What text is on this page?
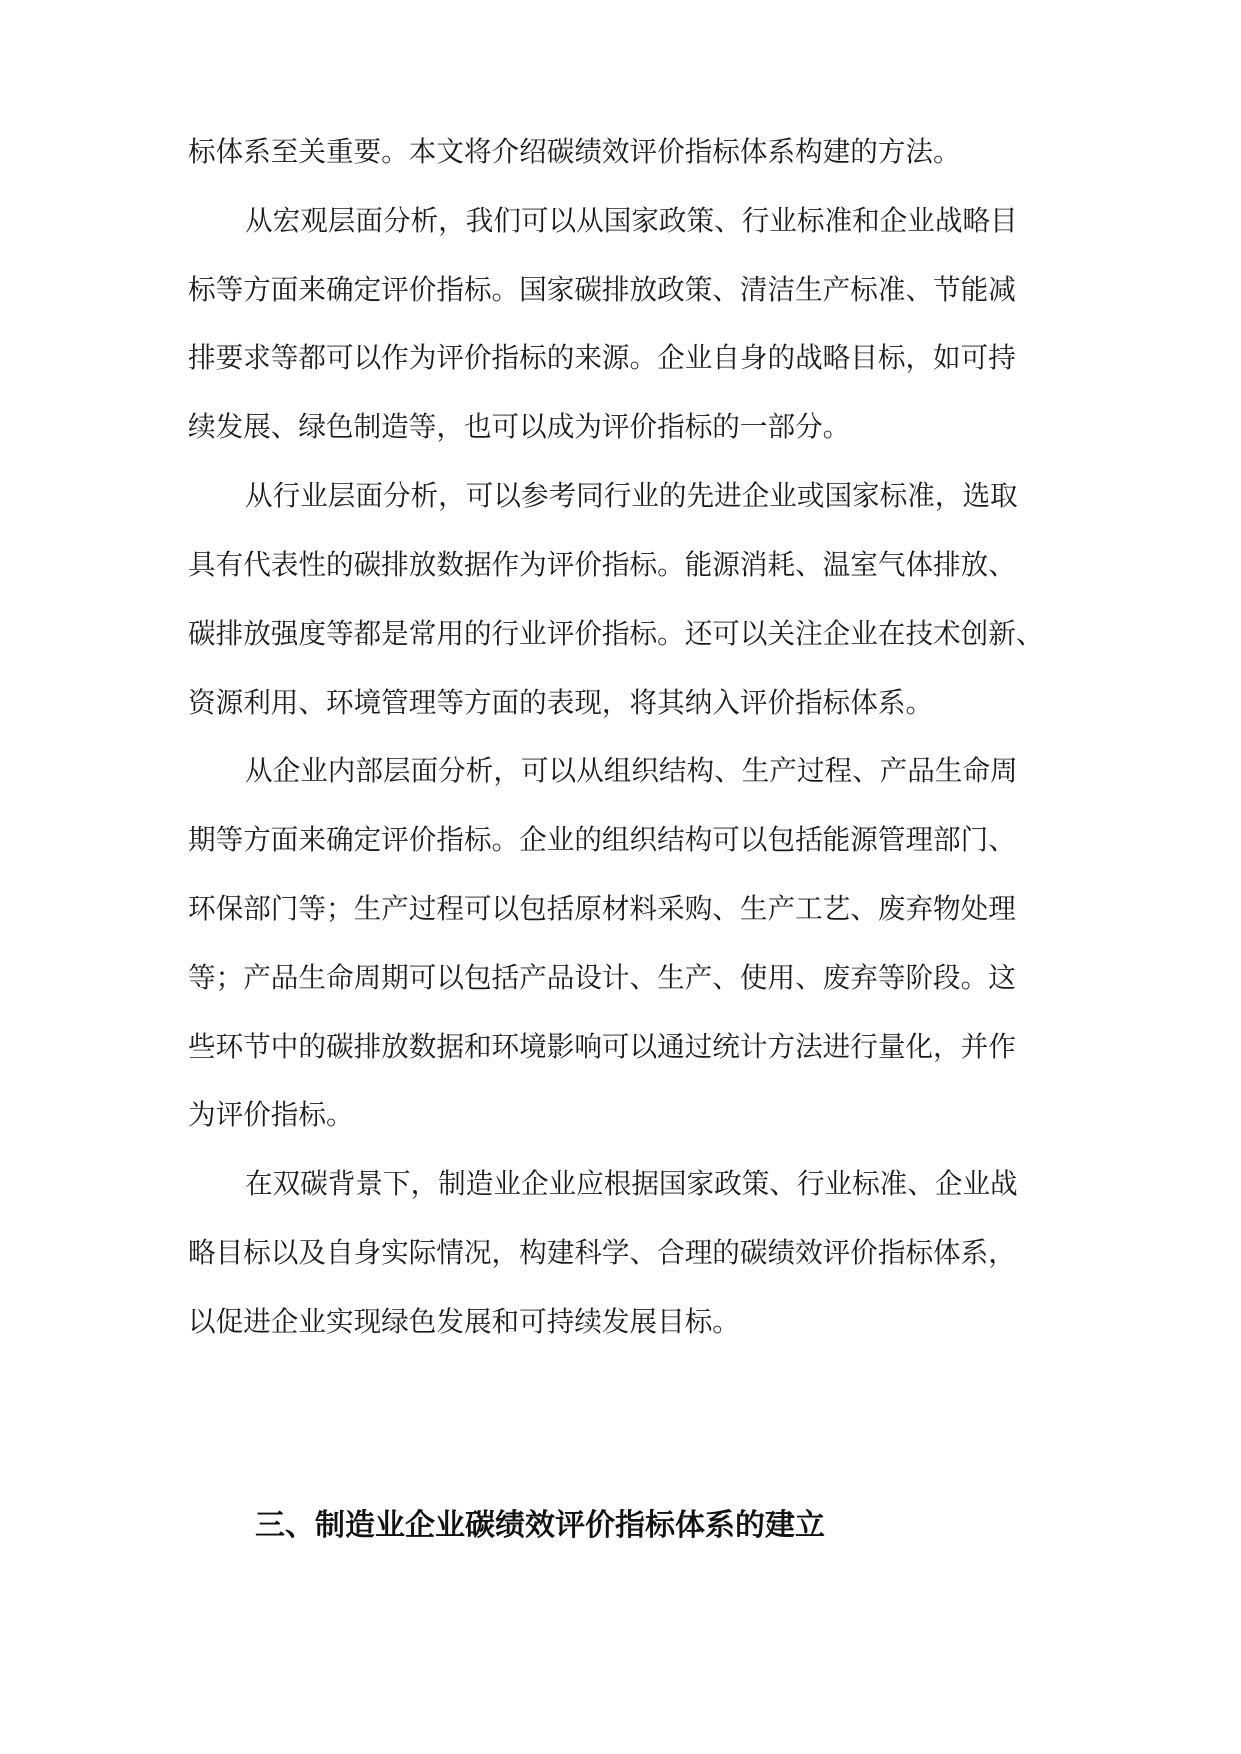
标体系至关重要。本文将介绍碳绩效评价指标体系构建的方法。
从宏观层面分析，我们可以从国家政策、行业标准和企业战略目
标等方面来确定评价指标。国家碳排放政策、清洁生产标准、节能减
排要求等都可以作为评价指标的来源。企业自身的战略目标，如可持
续发展、绿色制造等，也可以成为评价指标的一部分。
从行业层面分析，可以参考同行业的先进企业或国家标准，选取
具有代表性的碳排放数据作为评价指标。能源消耗、温室气体排放、
碳排放强度等都是常用的行业评价指标。还可以关注企业在技术创新、
资源利用、环境管理等方面的表现，将其纳入评价指标体系。
从企业内部层面分析，可以从组织结构、生产过程、产品生命周
期等方面来确定评价指标。企业的组织结构可以包括能源管理部门、
环保部门等；生产过程可以包括原材料采购、生产工艺、废弃物处理
等；产品生命周期可以包括产品设计、生产、使用、废弃等阶段。这
些环节中的碳排放数据和环境影响可以通过统计方法进行量化，并作
为评价指标。
在双碳背景下，制造业企业应根据国家政策、行业标准、企业战
略目标以及自身实际情况，构建科学、合理的碳绩效评价指标体系，
以促进企业实现绿色发展和可持续发展目标。
三、制造业企业碳绩效评价指标体系的建立
